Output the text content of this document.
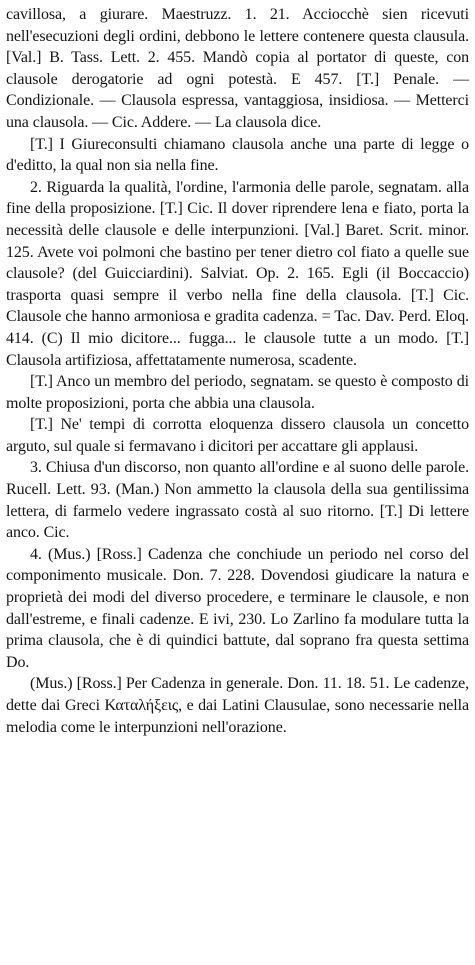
cavillosa, a giurare. Maestruzz. 1. 21. Acciocchè sien ricevuti nell'esecuzioni degli ordini, debbono le lettere contenere questa clausula. [Val.] B. Tass. Lett. 2. 455. Mandò copia al portator di queste, con clausole derogatorie ad ogni potestà. E 457. [T.] Penale. — Condizionale. — Clausola espressa, vantaggiosa, insidiosa. — Metterci una clausola. — Cic. Addere. — La clausola dice.

[T.] I Giureconsulti chiamano clausola anche una parte di legge o d'editto, la qual non sia nella fine.

2. Riguarda la qualità, l'ordine, l'armonia delle parole, segnatam. alla fine della proposizione. [T.] Cic. Il dover riprendere lena e fiato, porta la necessità delle clausole e delle interpunzioni. [Val.] Baret. Scrit. minor. 125. Avete voi polmoni che bastino per tener dietro col fiato a quelle sue clausole? (del Guicciardini). Salviat. Op. 2. 165. Egli (il Boccaccio) trasporta quasi sempre il verbo nella fine della clausola. [T.] Cic. Clausole che hanno armoniosa e gradita cadenza. = Tac. Dav. Perd. Eloq. 414. (C) Il mio dicitore... fugga... le clausole tutte a un modo. [T.] Clausola artifiziosa, affettatamente numerosa, scadente.

[T.] Anco un membro del periodo, segnatam. se questo è composto di molte proposizioni, porta che abbia una clausola.

[T.] Ne' tempi di corrotta eloquenza dissero clausola un concetto arguto, sul quale si fermavano i dicitori per accattare gli applausi.

3. Chiusa d'un discorso, non quanto all'ordine e al suono delle parole. Rucell. Lett. 93. (Man.) Non ammetto la clausola della sua gentilissima lettera, di farmelo vedere ingrassato costà al suo ritorno. [T.] Di lettere anco. Cic.

4. (Mus.) [Ross.] Cadenza che conchiude un periodo nel corso del componimento musicale. Don. 7. 228. Dovendosi giudicare la natura e proprietà dei modi del diverso procedere, e terminare le clausole, e non dall'estreme, e finali cadenze. E ivi, 230. Lo Zarlino fa modulare tutta la prima clausola, che è di quindici battute, dal soprano fra questa settima Do.

(Mus.) [Ross.] Per Cadenza in generale. Don. 11. 18. 51. Le cadenze, dette dai Greci Καταλήξεις, e dai Latini Clausulae, sono necessarie nella melodia come le interpunzioni nell'orazione.
